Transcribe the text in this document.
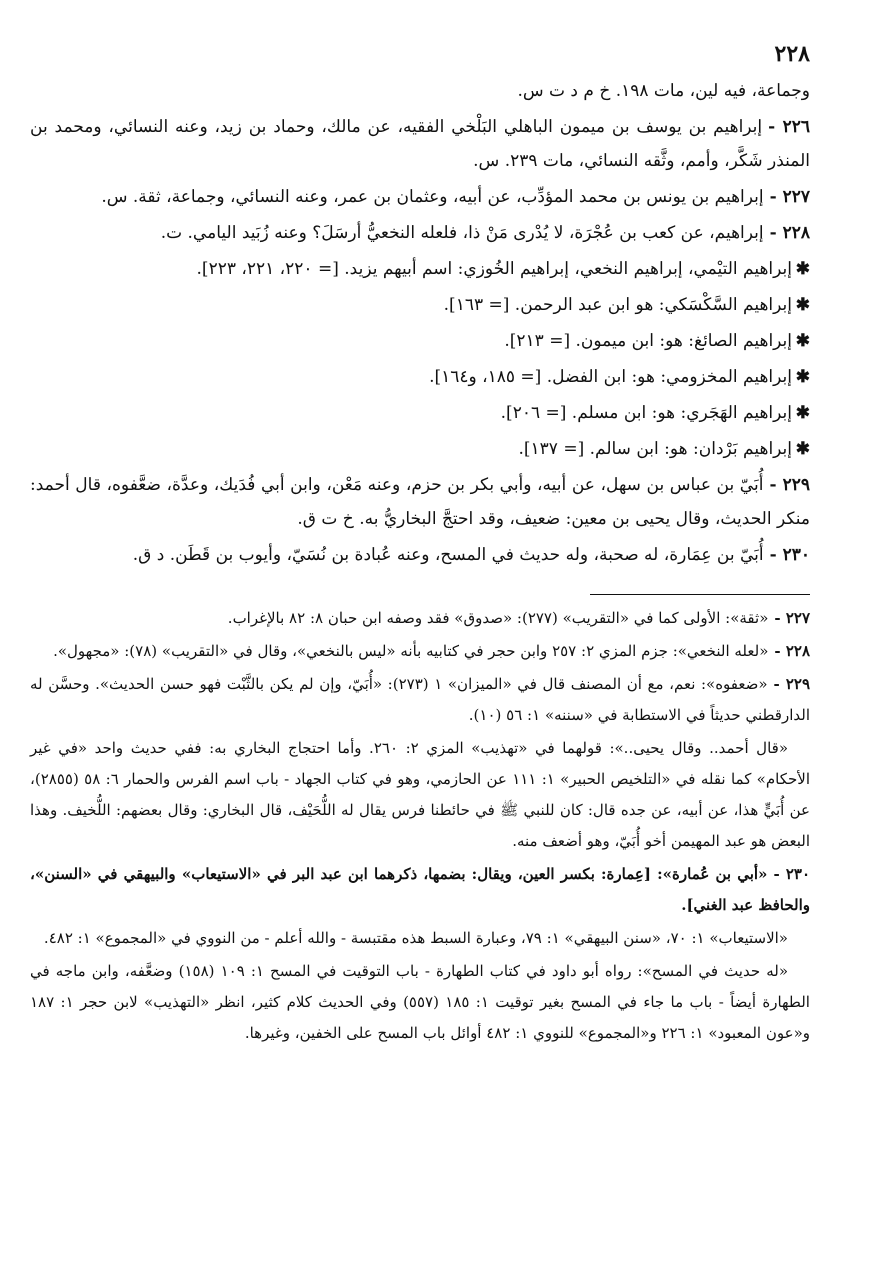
٢٢٨
وجماعة، فيه لين، مات ١٩٨. خ م د ت س.
٢٢٦ -إبراهيم بن يوسف بن ميمون الباهلي البَلْخي الفقيه، عن مالك، وحماد بن زيد، وعنه النسائي، ومحمد بن المنذر شَكَّر، وأمم، وثَّقه النسائي، مات ٢٣٩. س.
٢٢٧ -إبراهيم بن يونس بن محمد المؤدِّب، عن أبيه، وعثمان بن عمر، وعنه النسائي، وجماعة، ثقة. س.
٢٢٨ -إبراهيم، عن كعب بن عُجْرَة، لا يُدْرى مَنْ ذا، فلعله النخعيُّ أرسَلَ؟ وعنه زُبَيد اليامي. ت.
✱
إبراهيم التيْمي، إبراهيم النخعي، إبراهيم الخُوزي: اسم أبيهم يزيد. [= ٢٢٠، ٢٢١، ٢٢٣].
✱
إبراهيم السَّكْسَكي: هو ابن عبد الرحمن. [= ١٦٣].
✱
إبراهيم الصائغ: هو: ابن ميمون. [= ٢١٣].
✱
إبراهيم المخزومي: هو: ابن الفضل. [= ١٨٥، و١٦٤].
✱
إبراهيم الهَجَري: هو: ابن مسلم. [= ٢٠٦].
✱
إبراهيم بَرْدان: هو: ابن سالم. [= ١٣٧].
٢٢٩ -أُبَيّ بن عباس بن سهل، عن أبيه، وأبي بكر بن حزم، وعنه مَعْن، وابن أبي فُدَيك، وعدَّة، ضعَّفوه، قال أحمد: منكر الحديث، وقال يحيى بن معين: ضعيف، وقد احتجَّ البخاريُّ به. خ ت ق.
٢٣٠ -أُبَيّ بن عِمَارة، له صحبة، وله حديث في المسح، وعنه عُبادة بن نُسَيّ، وأيوب بن قَطَن. د ق.
٢٢٧ -«ثقة»: الأولى كما في «التقريب» (٢٧٧): «صدوق» فقد وصفه ابن حبان ٨: ٨٢ بالإغراب.
٢٢٨ -«لعله النخعي»: جزم المزي ٢: ٢٥٧ وابن حجر في كتابيه بأنه «ليس بالنخعي»، وقال في «التقريب» (٧٨): «مجهول».
٢٢٩ -«ضعفوه»: نعم، مع أن المصنف قال في «الميزان» ١ (٢٧٣): «أُبَيّ، وإن لم يكن بالثَّبْت فهو حسن الحديث». وحسَّن له الدارقطني حديثاً في الاستطابة في «سننه» ١: ٥٦ (١٠).
«قال أحمد.. وقال يحيى..»: قولهما في «تهذيب» المزي ٢: ٢٦٠. وأما احتجاج البخاري به: ففي حديث واحد «في غير الأحكام» كما نقله في «التلخيص الحبير» ١: ١١١ عن الحازمي، وهو في كتاب الجهاد - باب اسم الفرس والحمار ٦: ٥٨ (٢٨٥٥)، عن أُبَيٍّ هذا، عن أبيه، عن جده قال: كان للنبي ﷺ في حائطنا فرس يقال له اللُّحَيْف، قال البخاري: وقال بعضهم: اللُّخيف. وهذا البعض هو عبد المهيمن أخو أُبَيّ، وهو أضعف منه.
٢٣٠ -«أبي بن عُمارة»: [عِمارة: بكسر العين، ويقال: بضمها، ذكرهما ابن عبد البر في «الاستيعاب» والبيهقي في «السنن»، والحافظ عبد الغني].
«الاستيعاب» ١: ٧٠، «سنن البيهقي» ١: ٧٩، وعبارة السبط هذه مقتبسة - والله أعلم - من النووي في «المجموع» ١: ٤٨٢.
«له حديث في المسح»: رواه أبو داود في كتاب الطهارة - باب التوقيت في المسح ١: ١٠٩ (١٥٨) وضعَّفه، وابن ماجه في الطهارة أيضاً - باب ما جاء في المسح بغير توقيت ١: ١٨٥ (٥٥٧) وفي الحديث كلام كثير، انظر «التهذيب» لابن حجر ١: ١٨٧ و«عون المعبود» ١: ٢٢٦ و«المجموع» للنووي ١: ٤٨٢ أوائل باب المسح على الخفين، وغيرها.
